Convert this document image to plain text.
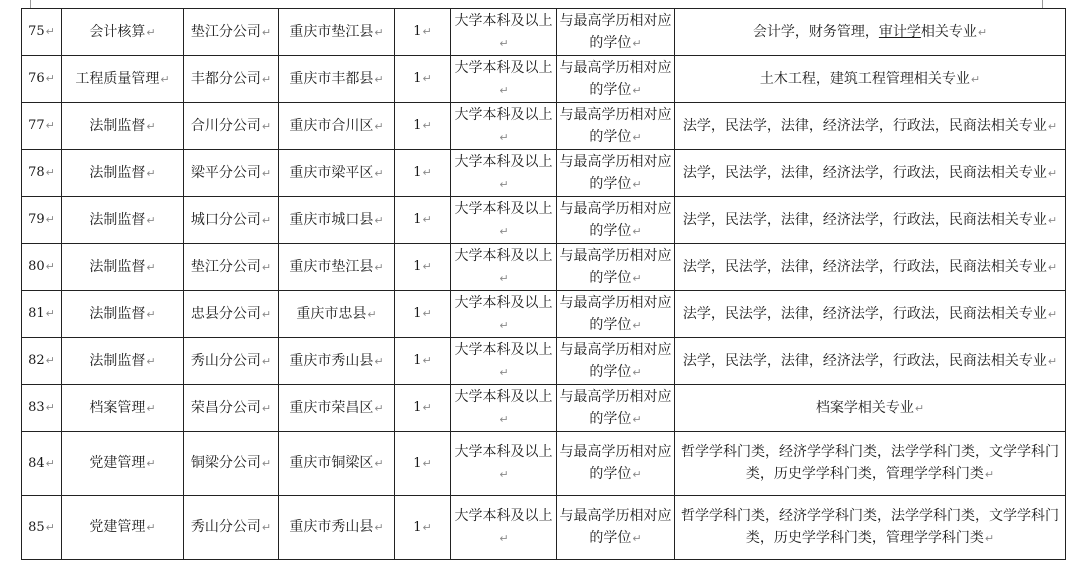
75↵	会计核算↵	垫江分公司↵	重庆市垫江县↵	1↵	大学本科及以上↵	与最高学历相对应的学位↵	会计学，财务管理，审计学相关专业↵
76↵	工程质量管理↵	丰都分公司↵	重庆市丰都县↵	1↵	大学本科及以上↵	与最高学历相对应的学位↵	土木工程，建筑工程管理相关专业↵
77↵	法制监督↵	合川分公司↵	重庆市合川区↵	1↵	大学本科及以上↵	与最高学历相对应的学位↵	法学，民法学，法律，经济法学，行政法，民商法相关专业↵
78↵	法制监督↵	梁平分公司↵	重庆市梁平区↵	1↵	大学本科及以上↵	与最高学历相对应的学位↵	法学，民法学，法律，经济法学，行政法，民商法相关专业↵
79↵	法制监督↵	城口分公司↵	重庆市城口县↵	1↵	大学本科及以上↵	与最高学历相对应的学位↵	法学，民法学，法律，经济法学，行政法，民商法相关专业↵
80↵	法制监督↵	垫江分公司↵	重庆市垫江县↵	1↵	大学本科及以上↵	与最高学历相对应的学位↵	法学，民法学，法律，经济法学，行政法，民商法相关专业↵
81↵	法制监督↵	忠县分公司↵	重庆市忠县↵	1↵	大学本科及以上↵	与最高学历相对应的学位↵	法学，民法学，法律，经济法学，行政法，民商法相关专业↵
82↵	法制监督↵	秀山分公司↵	重庆市秀山县↵	1↵	大学本科及以上↵	与最高学历相对应的学位↵	法学，民法学，法律，经济法学，行政法，民商法相关专业↵
83↵	档案管理↵	荣昌分公司↵	重庆市荣昌区↵	1↵	大学本科及以上↵	与最高学历相对应的学位↵	档案学相关专业↵
84↵	党建管理↵	铜梁分公司↵	重庆市铜梁区↵	1↵	大学本科及以上↵	与最高学历相对应的学位↵	哲学学科门类，经济学学科门类，法学学科门类，文学学科门类，历史学学科门类，管理学学科门类↵
85↵	党建管理↵	秀山分公司↵	重庆市秀山县↵	1↵	大学本科及以上↵	与最高学历相对应的学位↵	哲学学科门类，经济学学科门类，法学学科门类，文学学科门类，历史学学科门类，管理学学科门类↵
